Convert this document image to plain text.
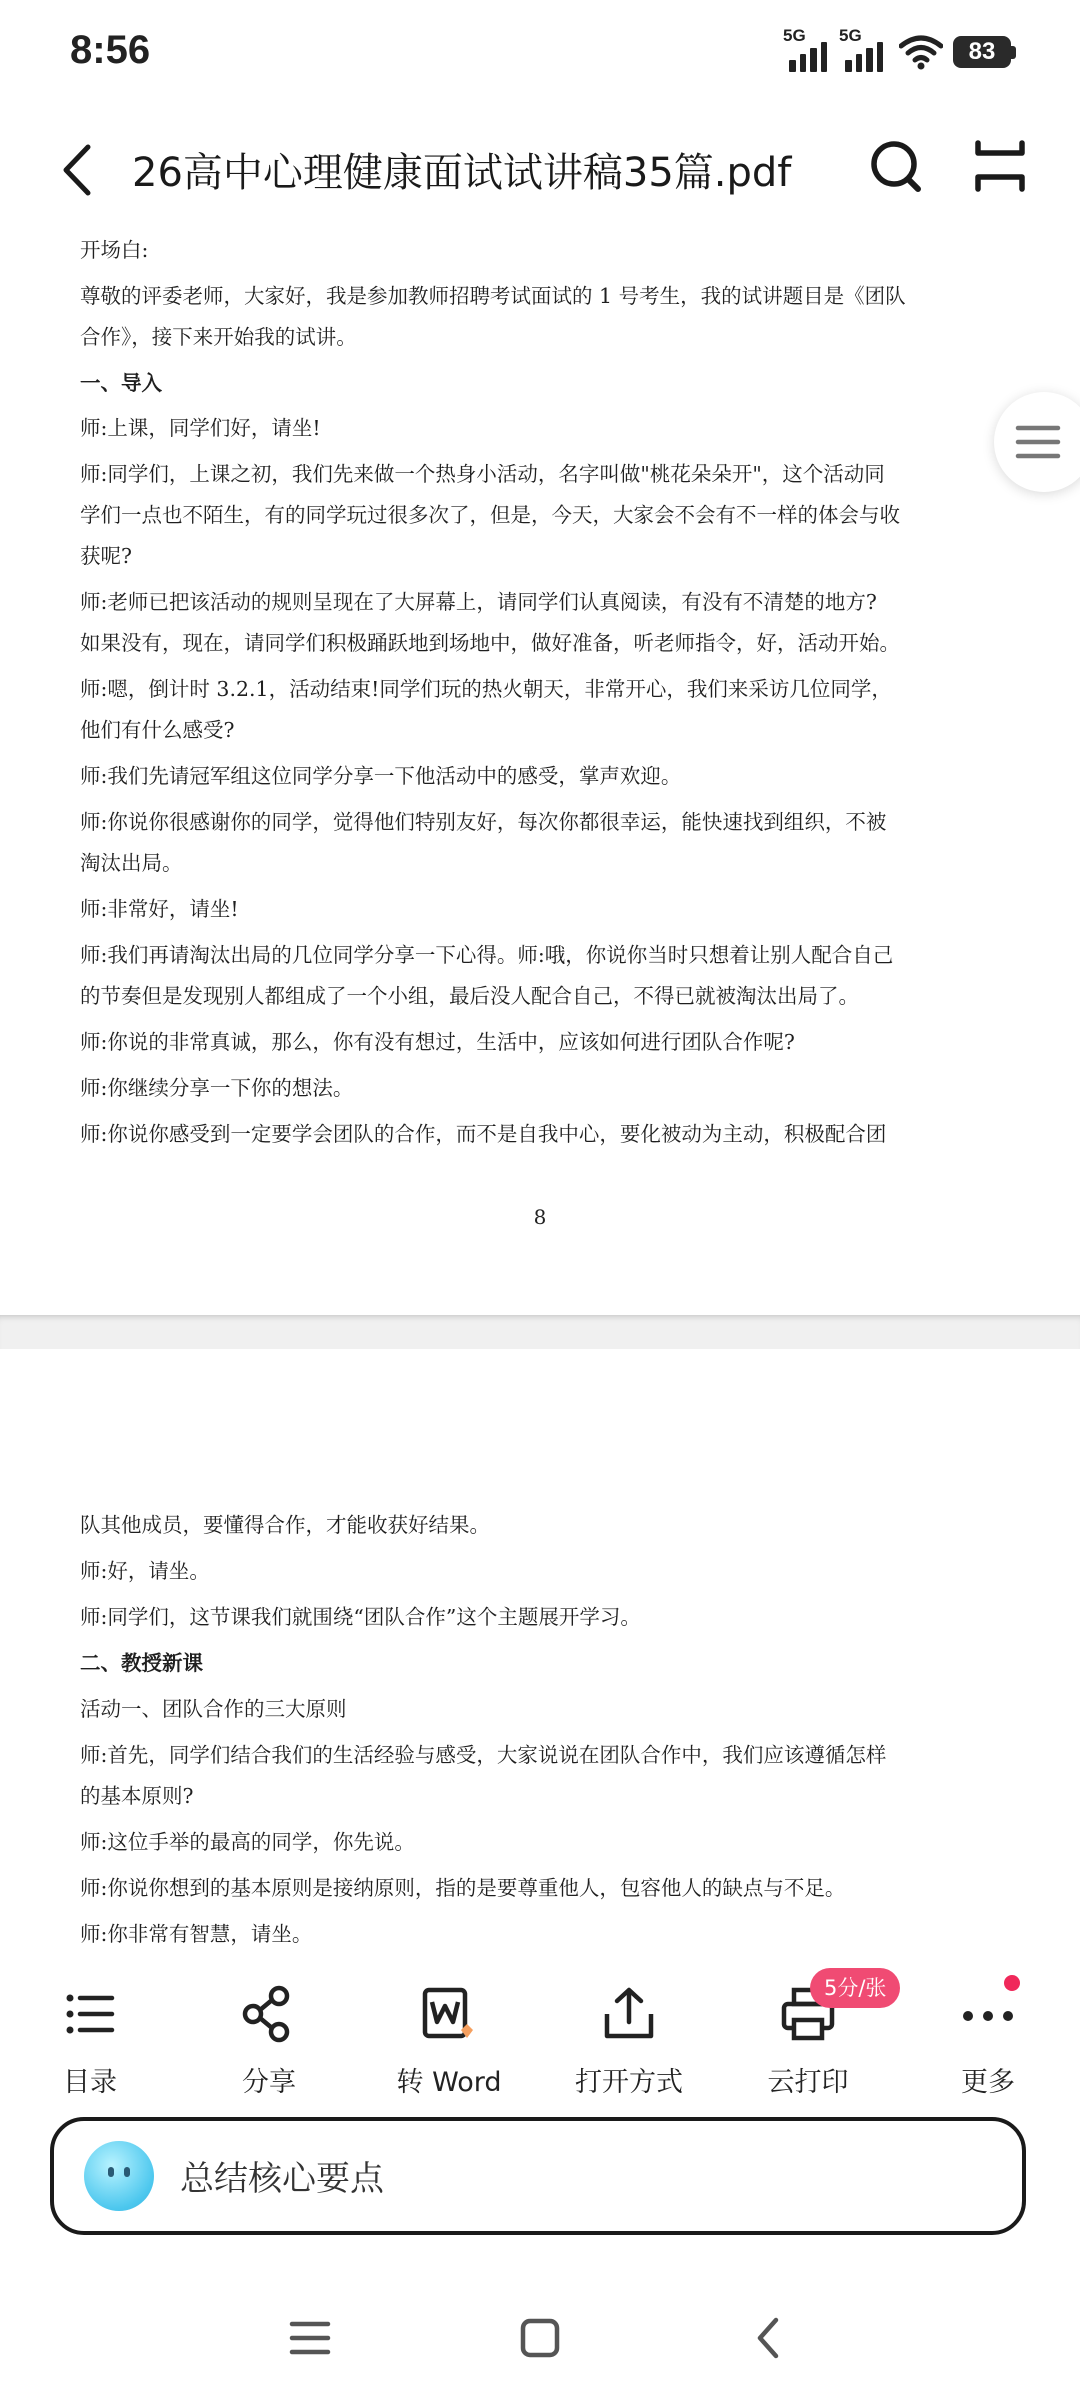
8:56	5G 5G
83
26高中心理健康面试试讲稿35篇.pdf
开场白:
尊敬的评委老师，大家好，我是参加教师招聘考试面试的 1 号考生，我的试讲题目是《团队
合作》，接下来开始我的试讲。
一、导入
师:上课，同学们好，请坐!
师:同学们，上课之初，我们先来做一个热身小活动，名字叫做"桃花朵朵开"，这个活动同
学们一点也不陌生，有的同学玩过很多次了，但是，今天，大家会不会有不一样的体会与收
获呢?
师:老师已把该活动的规则呈现在了大屏幕上，请同学们认真阅读，有没有不清楚的地方?
如果没有，现在，请同学们积极踊跃地到场地中，做好准备，听老师指令，好，活动开始。
师:嗯，倒计时 3.2.1，活动结束!同学们玩的热火朝天，非常开心，我们来采访几位同学，
他们有什么感受?
师:我们先请冠军组这位同学分享一下他活动中的感受，掌声欢迎。
师:你说你很感谢你的同学，觉得他们特别友好，每次你都很幸运，能快速找到组织，不被
淘汰出局。
师:非常好，请坐!
师:我们再请淘汰出局的几位同学分享一下心得。师:哦，你说你当时只想着让别人配合自己
的节奏但是发现别人都组成了一个小组，最后没人配合自己，不得已就被淘汰出局了。
师:你说的非常真诚，那么，你有没有想过，生活中，应该如何进行团队合作呢?
师:你继续分享一下你的想法。
师:你说你感受到一定要学会团队的合作，而不是自我中心，要化被动为主动，积极配合团
8
队其他成员，要懂得合作，才能收获好结果。
师:好，请坐。
师:同学们，这节课我们就围绕“团队合作”这个主题展开学习。
二、教授新课
活动一、团队合作的三大原则
师:首先，同学们结合我们的生活经验与感受，大家说说在团队合作中，我们应该遵循怎样
的基本原则?
师:这位手举的最高的同学，你先说。
师:你说你想到的基本原则是接纳原则，指的是要尊重他人，包容他人的缺点与不足。
师:你非常有智慧，请坐。
目录	分享	转 Word	打开方式	云打印	更多
5分/张
总结核心要点
